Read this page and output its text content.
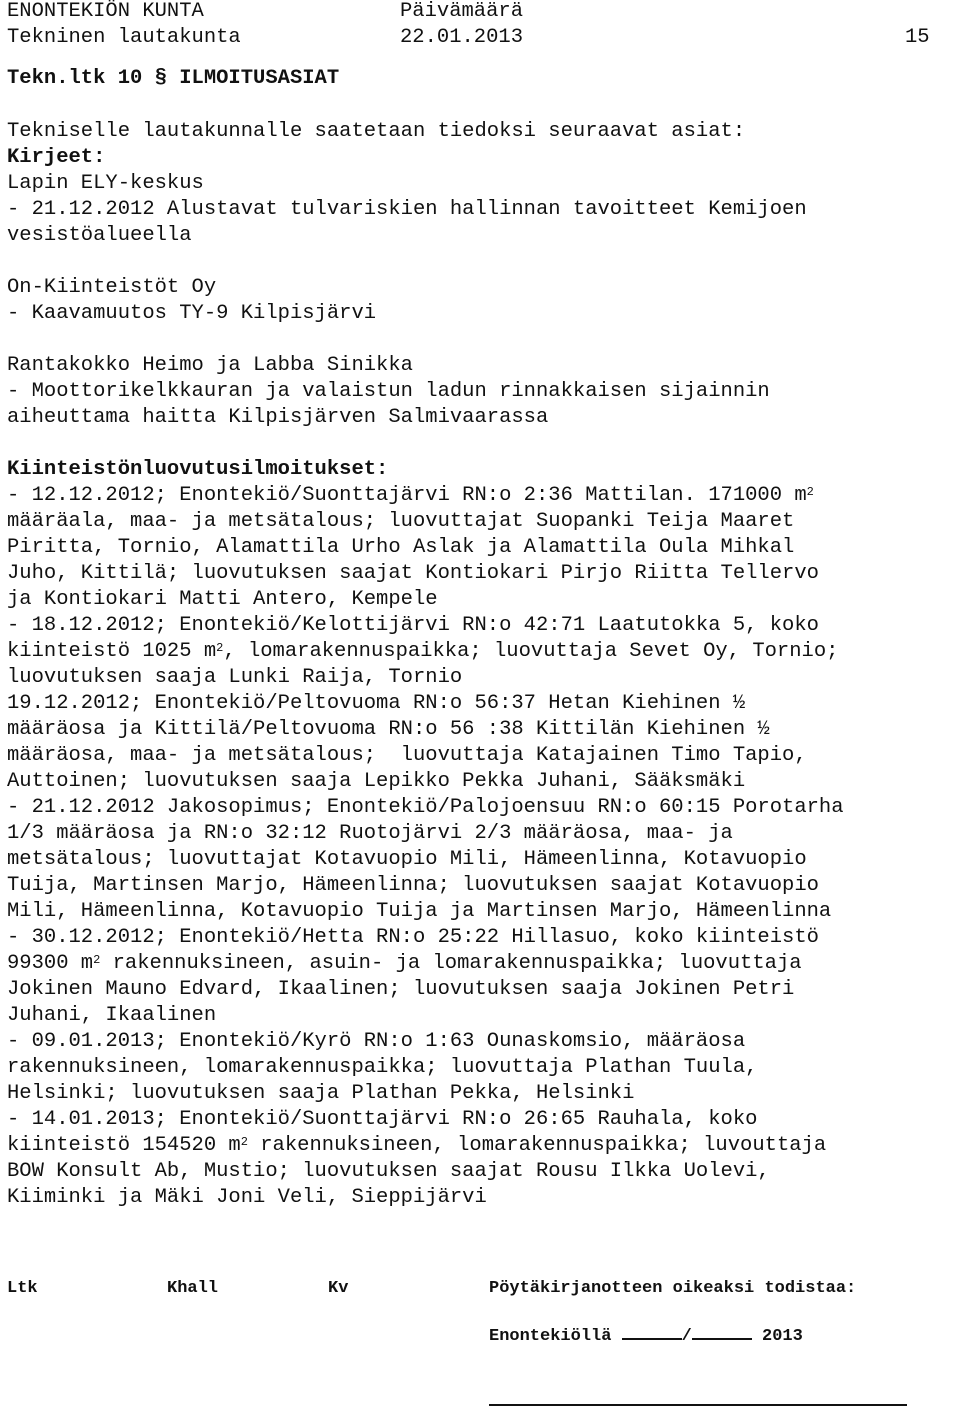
ENONTEKIÖN KUNTA	Päivämäärä
Tekninen lautakunta	22.01.2013	15
Tekn.ltk 10 § ILMOITUSASIAT
Tekniselle lautakunnalle saatetaan tiedoksi seuraavat asiat:
Kirjeet:
Lapin ELY-keskus
- 21.12.2012 Alustavat tulvariskien hallinnan tavoitteet Kemijoen
vesistöalueella
On-Kiinteistöt Oy
- Kaavamuutos TY-9 Kilpisjärvi
Rantakokko Heimo ja Labba Sinikka
- Moottorikelkkauran ja valaistun ladun rinnakkaisen sijainnin
aiheuttama haitta Kilpisjärven Salmivaarassa
Kiinteistönluovutusilmoitukset:
- 12.12.2012; Enontekiö/Suonttajärvi RN:o 2:36 Mattilan. 171000 $m^2$
määräala, maa- ja metsätalous; luovuttajat Suopanki Teija Maaret
Piritta, Tornio, Alamattila Urho Aslak ja Alamattila Oula Mihkal
Juho, Kittilä; luovutuksen saajat Kontiokari Pirjo Riitta Tellervo
ja Kontiokari Matti Antero, Kempele
- 18.12.2012; Enontekiö/Kelottijärvi RN:o 42:71 Laatutokka 5, koko
kiinteistö 1025 $m^2$, lomarakennuspaikka; luovuttaja Sevet Oy, Tornio;
luovutuksen saaja Lunki Raija, Tornio
19.12.2012; Enontekiö/Peltovuoma RN:o 56:37 Hetan Kiehinen ½
määräosa ja Kittilä/Peltovuoma RN:o 56 :38 Kittilän Kiehinen ½
määräosa, maa- ja metsätalous;  luovuttaja Katajainen Timo Tapio,
Auttoinen; luovutuksen saaja Lepikko Pekka Juhani, Sääksmäki
- 21.12.2012 Jakosopimus; Enontekiö/Palojoensuu RN:o 60:15 Porotarha
1/3 määräosa ja RN:o 32:12 Ruotojärvi 2/3 määräosa, maa- ja
metsätalous; luovuttajat Kotavuopio Mili, Hämeenlinna, Kotavuopio
Tuija, Martinsen Marjo, Hämeenlinna; luovutuksen saajat Kotavuopio
Mili, Hämeenlinna, Kotavuopio Tuija ja Martinsen Marjo, Hämeenlinna
- 30.12.2012; Enontekiö/Hetta RN:o 25:22 Hillasuo, koko kiinteistö
99300 $m^2$ rakennuksineen, asuin- ja lomarakennuspaikka; luovuttaja
Jokinen Mauno Edvard, Ikaalinen; luovutuksen saaja Jokinen Petri
Juhani, Ikaalinen
- 09.01.2013; Enontekiö/Kyrö RN:o 1:63 Ounaskomsio, määräosa
rakennuksineen, lomarakennuspaikka; luovuttaja Plathan Tuula,
Helsinki; luovutuksen saaja Plathan Pekka, Helsinki
- 14.01.2013; Enontekiö/Suonttajärvi RN:o 26:65 Rauhala, koko
kiinteistö 154520 $m^2$ rakennuksineen, lomarakennuspaikka; luvouttaja
BOW Konsult Ab, Mustio; luovutuksen saajat Rousu Ilkka Uolevi,
Kiiminki ja Mäki Joni Veli, Sieppijärvi
Ltk	Khall	Kv	Pöytäkirjanotteen oikeaksi todistaa:
Enontekiöllä	/	2013
